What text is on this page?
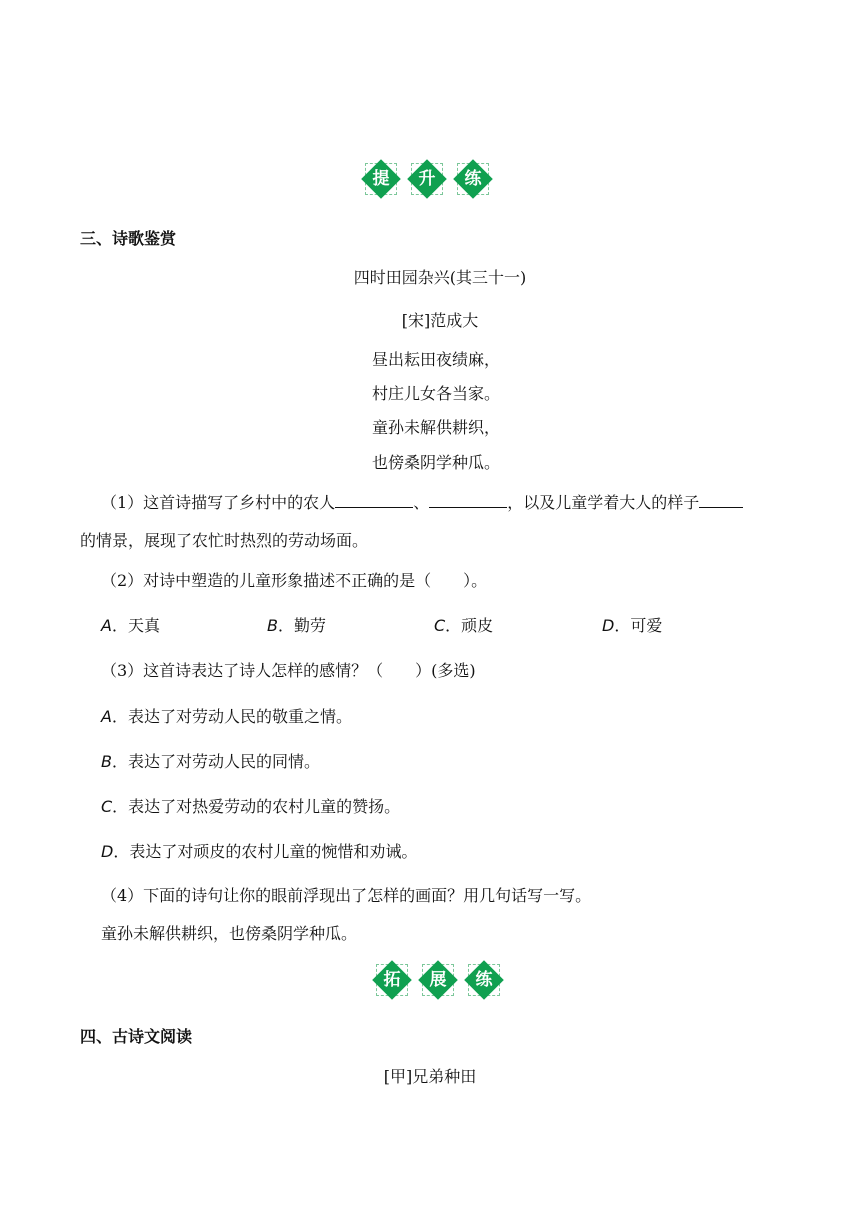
提	升	练
三、诗歌鉴赏
四时田园杂兴(其三十一)
[宋]范成大
昼出耘田夜绩麻，
村庄儿女各当家。
童孙未解供耕织，
也傍桑阴学种瓜。
（1）这首诗描写了乡村中的农人	、	，以及儿童学着大人的样子
的情景，展现了农忙时热烈的劳动场面。
（2）对诗中塑造的儿童形象描述不正确的是（　　）。
A．天真	B．勤劳	C．顽皮	D．可爱
（3）这首诗表达了诗人怎样的感情？（　　）(多选)
A．表达了对劳动人民的敬重之情。
B．表达了对劳动人民的同情。
C．表达了对热爱劳动的农村儿童的赞扬。
D．表达了对顽皮的农村儿童的惋惜和劝诫。
（4）下面的诗句让你的眼前浮现出了怎样的画面？用几句话写一写。
童孙未解供耕织，也傍桑阴学种瓜。
拓	展	练
四、古诗文阅读
[甲]兄弟种田
